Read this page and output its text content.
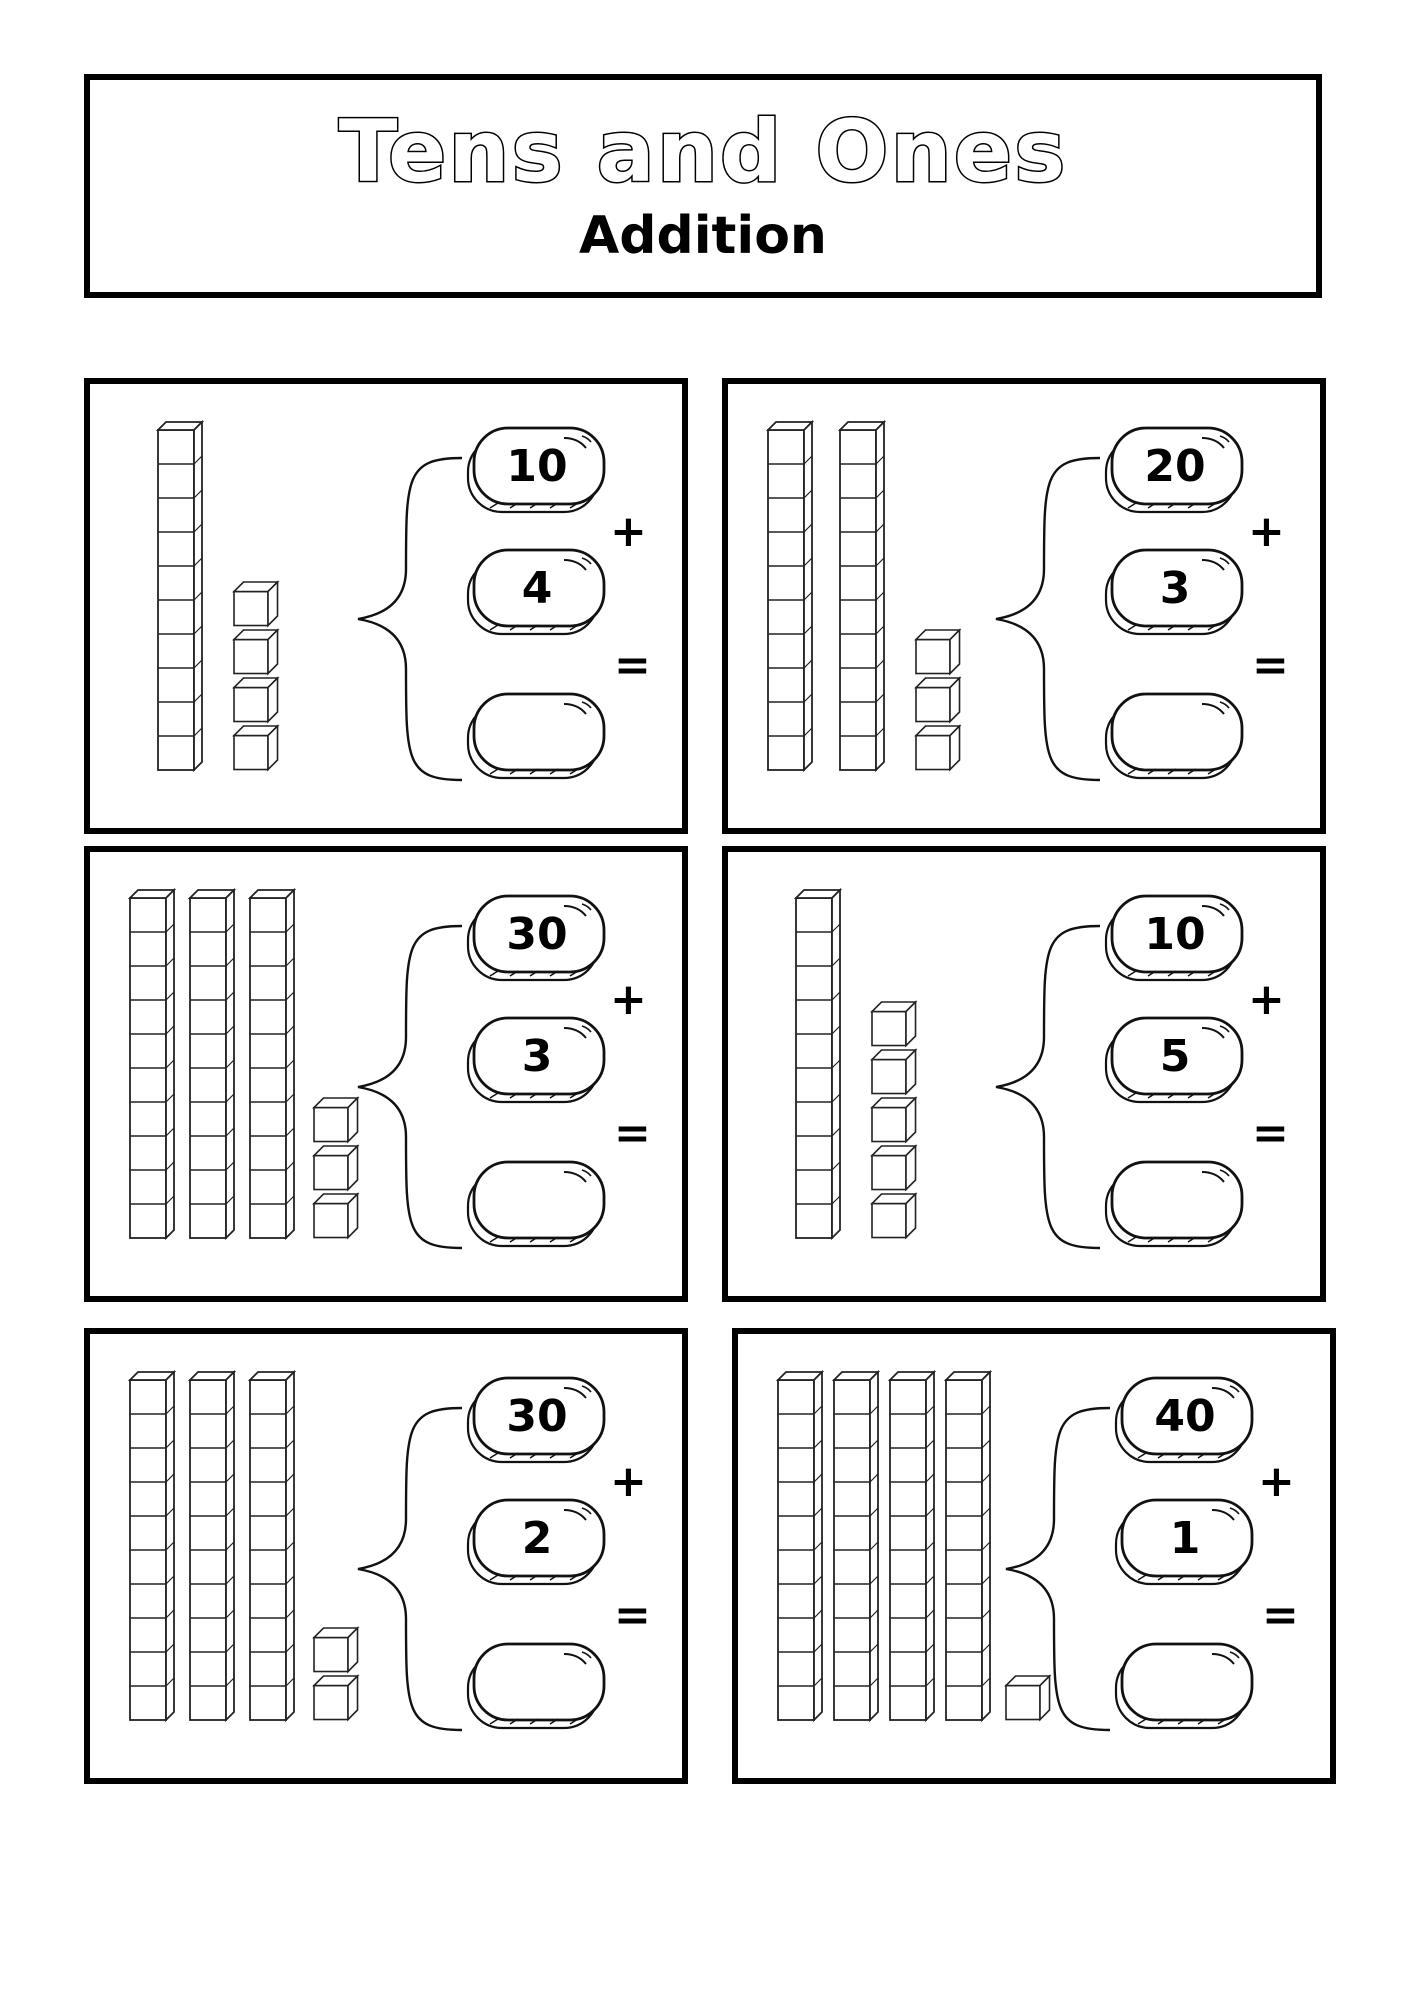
Tens and Ones
Addition
10
4
+
=
20
3
+
=
30
3
+
=
10
5
+
=
30
2
+
=
40
1
+
=
